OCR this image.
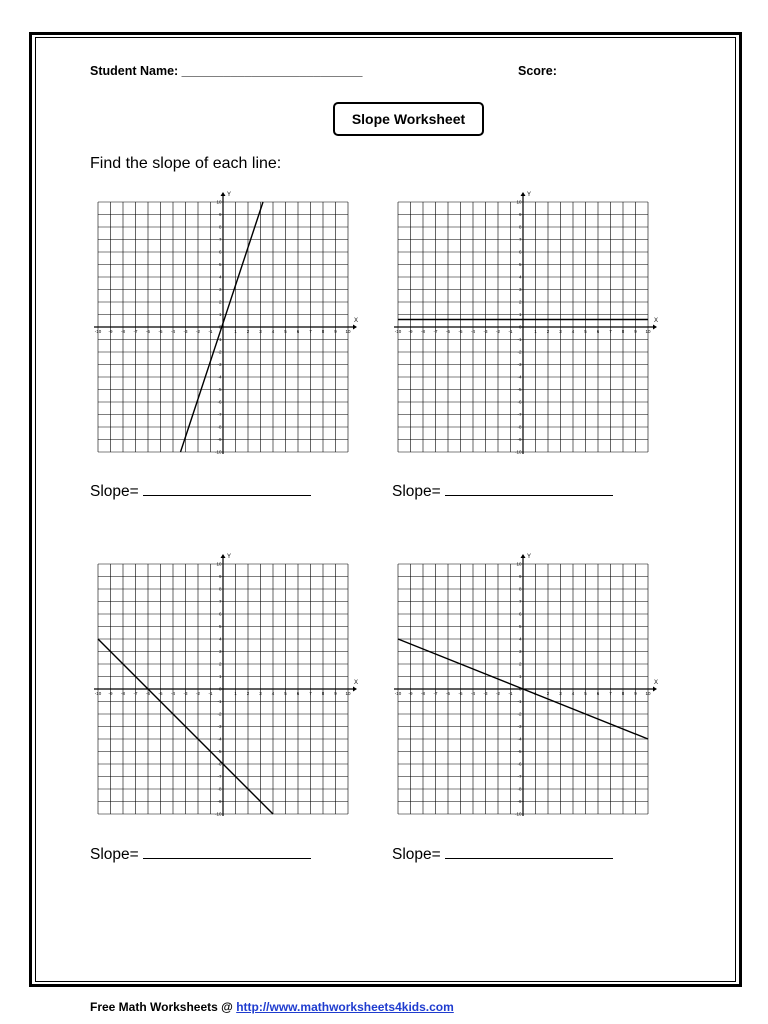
Student Name: __________________________	Score:
Slope Worksheet
Find the slope of each line:
X
Y
-10 -9 -8 -7 -6 -5 -4 -3 -2 -1	1 2 3 4 5 6 7 8 9 10
-10
-9
-8
-7
-6
-5
-4
-3
-2
-1
0
1
2
3
4
5
6
7
8
9
10
X
Y
-10 -9 -8 -7 -6 -5 -4 -3 -2 -1	1 2 3 4 5 6 7 8 9 10
-10
-9
-8
-7
-6
-5
-4
-3
-2
-1
0
1
2
3
4
5
6
7
8
9
10
X
Y
-10 -9 -8 -7 -6 -5 -4 -3 -2 -1	1 2 3 4 5 6 7 8 9 10
-10
-9
-8
-7
-6
-5
-4
-3
-2
-1
0
1
2
3
4
5
6
7
8
9
10
X
Y
-10 -9 -8 -7 -6 -5 -4 -3 -2 -1	2 3 4 5 6 7 8 9 10
-10
-9
-8
-7
-6
-5
-4
-3
-2
-1
0
1
2
3
4
5
6
7
8
9
10
Slope=	Slope=
Slope=	Slope=
Free Math Worksheets @ http://www.mathworksheets4kids.com
